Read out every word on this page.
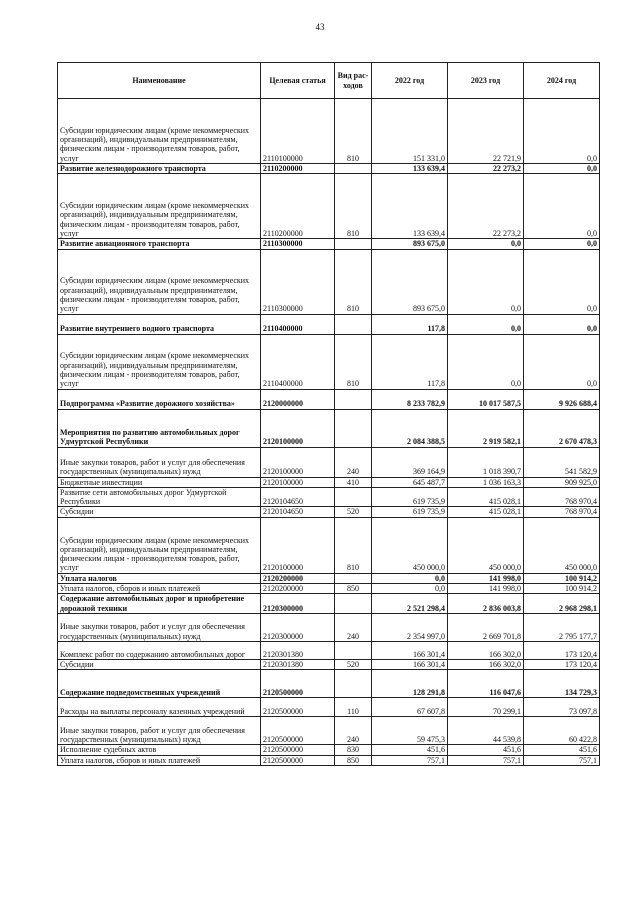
43
Наименование	Целевая статья	Вид рас-ходов	2022 год	2023 год	2024 год
Субсидии юридическим лицам (кроме некоммерческих организаций), индивидуальным предпринимателям, физическим лицам - производителям товаров, работ, услуг	2110100000	810	151 331,0	22 721,9	0,0
Развитие железнодорожного транспорта	2110200000		133 639,4	22 273,2	0,0
Субсидии юридическим лицам (кроме некоммерческих организаций), индивидуальным предпринимателям, физическим лицам - производителям товаров, работ, услуг	2110200000	810	133 639,4	22 273,2	0,0
Развитие авиационного транспорта	2110300000		893 675,0	0,0	0,0
Субсидии юридическим лицам (кроме некоммерческих организаций), индивидуальным предпринимателям, физическим лицам - производителям товаров, работ, услуг	2110300000	810	893 675,0	0,0	0,0
Развитие внутреннего водного транспорта	2110400000		117,8	0,0	0,0
Субсидии юридическим лицам (кроме некоммерческих организаций), индивидуальным предпринимателям, физическим лицам - производителям товаров, работ, услуг	2110400000	810	117,8	0,0	0,0
Подпрограмма «Развитие дорожного хозяйства»	2120000000		8 233 782,9	10 017 587,5	9 926 688,4
Мероприятия по развитию автомобильных дорог Удмуртской Республики	2120100000		2 084 388,5	2 919 582,1	2 670 478,3
Иные закупки товаров, работ и услуг для обеспечения государственных (муниципальных) нужд	2120100000	240	369 164,9	1 018 390,7	541 582,9
Бюджетные инвестиции	2120100000	410	645 487,7	1 036 163,3	909 925,0
Развитие сети автомобильных дорог Удмуртской Республики	2120104650		619 735,9	415 028,1	768 970,4
Субсидии	2120104650	520	619 735,9	415 028,1	768 970,4
Субсидии юридическим лицам (кроме некоммерческих организаций), индивидуальным предпринимателям, физическим лицам - производителям товаров, работ, услуг	2120100000	810	450 000,0	450 000,0	450 000,0
Уплата налогов	2120200000		0,0	141 998,0	100 914,2
Уплата налогов, сборов и иных платежей	2120200000	850	0,0	141 998,0	100 914,2
Содержание автомобильных дорог и приобретение дорожной техники	2120300000		2 521 298,4	2 836 003,8	2 968 298,1
Иные закупки товаров, работ и услуг для обеспечения государственных (муниципальных) нужд	2120300000	240	2 354 997,0	2 669 701,8	2 795 177,7
Комплекс работ по содержанию автомобильных дорог	2120301380		166 301,4	166 302,0	173 120,4
Субсидии	2120301380	520	166 301,4	166 302,0	173 120,4
Содержание подведомственных учреждений	2120500000		128 291,8	116 047,6	134 729,3
Расходы на выплаты персоналу казенных учреждений	2120500000	110	67 607,8	70 299,1	73 097,8
Иные закупки товаров, работ и услуг для обеспечения государственных (муниципальных) нужд	2120500000	240	59 475,3	44 539,8	60 422,8
Исполнение судебных актов	2120500000	830	451,6	451,6	451,6
Уплата налогов, сборов и иных платежей	2120500000	850	757,1	757,1	757,1
